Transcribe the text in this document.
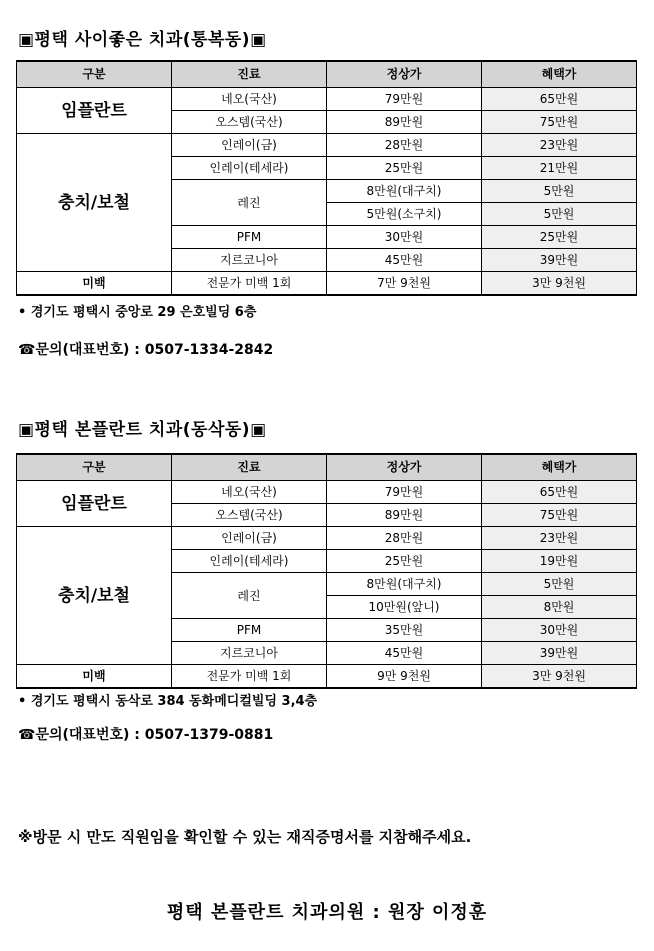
▣평택 사이좋은 치과(통복동)▣
구분	진료	정상가	혜택가
임플란트	네오(국산)	79만원	65만원
	오스템(국산)	89만원	75만원
충치/보철	인레이(금)	28만원	23만원
	인레이(테세라)	25만원	21만원
	레진	8만원(대구치)	5만원
		5만원(소구치)	5만원
	PFM	30만원	25만원
	지르코니아	45만원	39만원
미백	전문가 미백 1회	7만 9천원	3만 9천원
• 경기도 평택시 중앙로 29 은호빌딩 6층
☎문의(대표번호) : 0507-1334-2842
▣평택 본플란트 치과(동삭동)▣
구분	진료	정상가	혜택가
임플란트	네오(국산)	79만원	65만원
	오스템(국산)	89만원	75만원
충치/보철	인레이(금)	28만원	23만원
	인레이(테세라)	25만원	19만원
	레진	8만원(대구치)	5만원
		10만원(앞니)	8만원
	PFM	35만원	30만원
	지르코니아	45만원	39만원
미백	전문가 미백 1회	9만 9천원	3만 9천원
• 경기도 평택시 동삭로 384 동화메디컬빌딩 3,4층
☎문의(대표번호) : 0507-1379-0881
※방문 시 만도 직원임을 확인할 수 있는 재직증명서를 지참해주세요.
평택 본플란트 치과의원 : 원장 이정훈
